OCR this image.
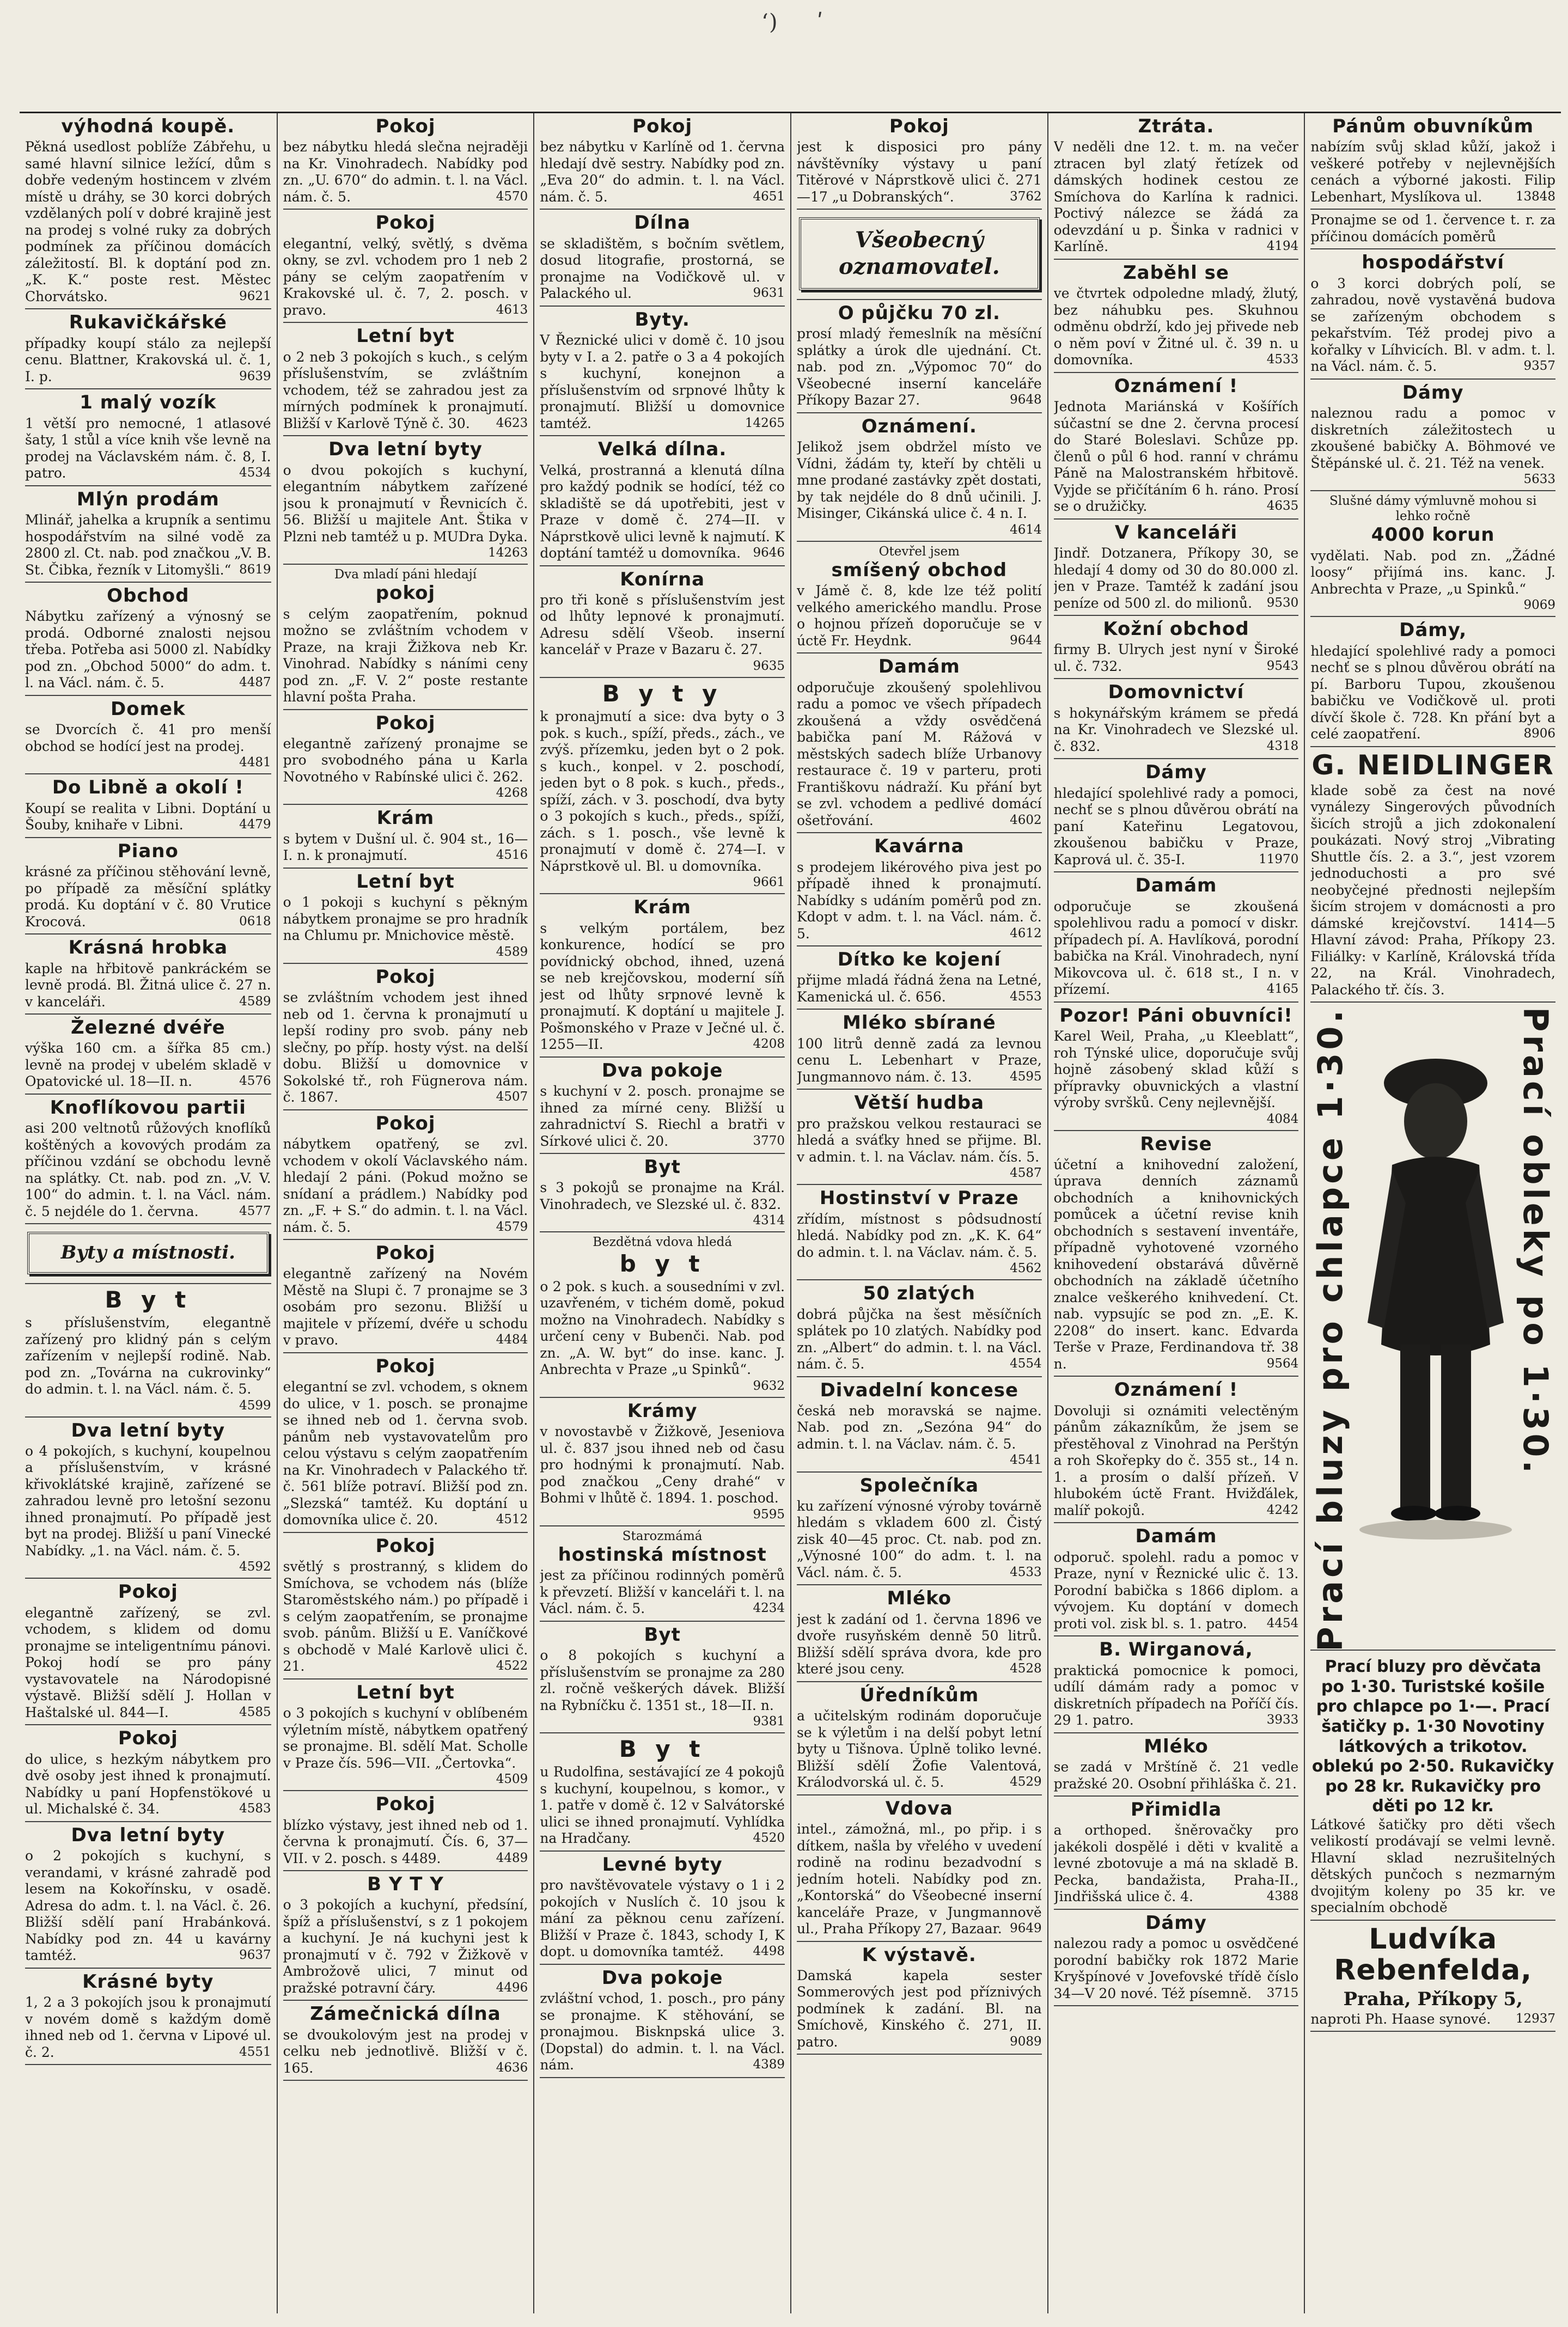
ʻ ) ʹ
výhodná koupě.
Pěkná usedlost poblíže Zábřehu, u samé hlavní silnice ležící, dům s dobře vedeným hostincem v zlvém místě u dráhy, se 30 korci dobrých vzdělaných polí v dobré krajině jest na prodej s volné ruky za dobrých podmínek za příčinou domácích záležitostí. Bl. k doptání pod zn. „K. K.“ poste rest. Městec Chorvátsko.	9621
Rukavičkářské
případky koupí stálo za nejlepší cenu. Blattner, Krakovská ul. č. 1, I. p.	9639
1 malý vozík
1 větší pro nemocné, 1 atlasové šaty, 1 stůl a více knih vše levně na prodej na Václavském nám. č. 8, I. patro.	4534
Mlýn prodám
Mlinář, jahelka a krupník a sentimu hospodářstvím na silné vodě za 2800 zl. Ct. nab. pod značkou „V. B. St. Čibka, řezník v Litomyšli.“ 8619
Obchod
Nábytku zařízený a výnosný se prodá. Odborné znalosti nejsou třeba. Potřeba asi 5000 zl. Nabídky pod zn. „Obchod 5000“ do adm. t. l. na Václ. nám. č. 5.	4487
Domek
se Dvorcích č. 41 pro menší obchod se hodící jest na prodej.
4481
Do Libně a okolí !
Koupí se realita v Libni. Doptání u Šouby, knihaře v Libni.	4479
Piano
krásné za příčinou stěhování levně, po případě za měsíční splátky prodá. Ku doptání v č. 80 Vrutice Krocová.	0618
Krásná hrobka
kaple na hřbitově pankráckém se levně prodá. Bl. Žitná ulice č. 27 n. v kanceláři.	4589
Železné dvéře
výška 160 cm. a šířka 85 cm.) levně na prodej v ubelém skladě v Opatovické ul. 18—II. n.	4576
Knoflíkovou partii
asi 200 veltnotů růžových knoflíků koštěných a kovových prodám za příčinou vzdání se obchodu levně na splátky. Ct. nab. pod zn. „V. V. 100“ do admin. t. l. na Václ. nám. č. 5 nejdéle do 1. června.	4577
Byty a místnosti.
B y t
s příslušenstvím, elegantně zařízený pro klidný pán s celým zařízením v nejlepší rodině. Nab. pod zn. „Továrna na cukrovinky“ do admin. t. l. na Václ. nám. č. 5.
4599
Dva letní byty
o 4 pokojích, s kuchyní, koupelnou a příslušenstvím, v krásné křivoklátské krajině, zařízené se zahradou levně pro letošní sezonu ihned pronajmutí. Po případě jest byt na prodej. Bližší u paní Vinecké Nabídky. „1. na Václ. nám. č. 5.
4592
Pokoj
elegantně zařízený, se zvl. vchodem, s klidem od domu pronajme se inteligentnímu pánovi. Pokoj hodí se pro pány vystavovatele na Národopisné výstavě. Bližší sdělí J. Hollan v Haštalské ul. 844—I.	4585
Pokoj
do ulice, s hezkým nábytkem pro dvě osoby jest ihned k pronajmutí. Nabídky u paní Hopfenstökové u ul. Michalské č. 34.	4583
Dva letní byty
o 2 pokojích s kuchyní, s verandami, v krásné zahradě pod lesem na Kokořínsku, v osadě. Adresa do adm. t. l. na Václ. č. 26. Bližší sdělí paní Hrabánková. Nabídky pod zn. 44 u kavárny tamtéž.	9637
Krásné byty
1, 2 a 3 pokojích jsou k pronajmutí v novém domě s každým domě ihned neb od 1. června v Lipové ul. č. 2.	4551
Pokoj
bez nábytku hledá slečna nejraději na Kr. Vinohradech. Nabídky pod zn. „U. 670“ do admin. t. l. na Václ. nám. č. 5.	4570
Pokoj
elegantní, velký, světlý, s dvěma okny, se zvl. vchodem pro 1 neb 2 pány se celým zaopatřením v Krakovské ul. č. 7, 2. posch. v pravo.	4613
Letní byt
o 2 neb 3 pokojích s kuch., s celým příslušenstvím, se zvláštním vchodem, též se zahradou jest za mírných podmínek k pronajmutí. Bližší v Karlově Týně č. 30.	4623
Dva letní byty
o dvou pokojích s kuchyní, elegantním nábytkem zařízené jsou k pronajmutí v Řevnicích č. 56. Bližší u majitele Ant. Štika v Plzni neb tamtéž u p. MUDra Dyka.
14263
Dva mladí páni hledají
pokoj
s celým zaopatřením, poknud možno se zvláštním vchodem v Praze, na kraji Žižkova neb Kr. Vinohrad. Nabídky s náními ceny pod zn. „F. V. 2“ poste restante hlavní pošta Praha.
Pokoj
elegantně zařízený pronajme se pro svobodného pána u Karla Novotného v Rabínské ulici č. 262.
4268
Krám
s bytem v Dušní ul. č. 904 st., 16—I. n. k pronajmutí.	4516
Letní byt
o 1 pokoji s kuchyní s pěkným nábytkem pronajme se pro hradník na Chlumu pr. Mnichovice městě.
4589
Pokoj
se zvláštním vchodem jest ihned neb od 1. června k pronajmutí u lepší rodiny pro svob. pány neb slečny, po příp. hosty výst. na delší dobu. Bližší u domovnice v Sokolské tř., roh Fügnerova nám. č. 1867.	4507
Pokoj
nábytkem opatřený, se zvl. vchodem v okolí Václavského nám. hledají 2 páni. (Pokud možno se snídaní a prádlem.) Nabídky pod zn. „F. + S.“ do admin. t. l. na Václ. nám. č. 5.	4579
Pokoj
elegantně zařízený na Novém Městě na Slupi č. 7 pronajme se 3 osobám pro sezonu. Bližší u majitele v přízemí, dvéře u schodu v pravo.	4484
Pokoj
elegantní se zvl. vchodem, s oknem do ulice, v 1. posch. se pronajme se ihned neb od 1. června svob. pánům neb vystavovatelům pro celou výstavu s celým zaopatřením na Kr. Vinohradech v Palackého tř. č. 561 blíže potraví. Bližší pod zn. „Slezská“ tamtéž. Ku doptání u domovníka ulice č. 20.	4512
Pokoj
světlý s prostranný, s klidem do Smíchova, se vchodem nás (blíže Staroměstského nám.) po případě i s celým zaopatřením, se pronajme svob. pánům. Bližší u E. Vaníčkové s obchodě v Malé Karlově ulici č. 21.	4522
Letní byt
o 3 pokojích s kuchyní v oblíbeném výletním místě, nábytkem opatřený se pronajme. Bl. sdělí Mat. Scholle v Praze čís. 596—VII. „Čertovka“.
4509
Pokoj
blízko výstavy, jest ihned neb od 1. června k pronajmutí. Čís. 6, 37—VII. v 2. posch. s 4489.	4489
B Y T Y
o 3 pokojích a kuchyní, předsíní, špíž a příslušenství, s z 1 pokojem a kuchyní. Je ná kuchyni jest k pronajmutí v č. 792 v Žižkově v Ambrožově ulici, 7 minut od pražské potravní čáry.	4496
Zámečnická dílna
se dvoukolovým jest na prodej v celku neb jednotlivě. Bližší v č. 165.	4636
Pokoj
bez nábytku v Karlíně od 1. června hledají dvě sestry. Nabídky pod zn. „Eva 20“ do admin. t. l. na Václ. nám. č. 5.	4651
Dílna
se skladištěm, s bočním světlem, dosud litografie, prostorná, se pronajme na Vodičkově ul. v Palackého ul.	9631
Byty.
V Řeznické ulici v domě č. 10 jsou byty v I. a 2. patře o 3 a 4 pokojích s kuchyní, konejnon a příslušenstvím od srpnové lhůty k pronajmutí. Bližší u domovnice tamtéž.	14265
Velká dílna.
Velká, prostranná a klenutá dílna pro každý podnik se hodící, též co skladiště se dá upotřebiti, jest v Praze v domě č. 274—II. v Náprstkově ulici levně k najmutí. K doptání tamtéž u domovníka. 9646
Konírna
pro tři koně s příslušenstvím jest od lhůty lepnové k pronajmutí. Adresu sdělí Všeob. inserní kancelář v Praze v Bazaru č. 27.
9635
B y t y
k pronajmutí a sice: dva byty o 3 pok. s kuch., spíží, předs., zách., ve zvýš. přízemku, jeden byt o 2 pok. s kuch., konpel. v 2. poschodí, jeden byt o 8 pok. s kuch., předs., spíží, zách. v 3. poschodí, dva byty o 3 pokojích s kuch., předs., spíží, zách. s 1. posch., vše levně k pronajmutí v domě č. 274—I. v Náprstkově ul. Bl. u domovníka.
9661
Krám
s velkým portálem, bez konkurence, hodící se pro povídnický obchod, ihned, uzená se neb krejčovskou, moderní síň jest od lhůty srpnové levně k pronajmutí. K doptání u majitele J. Pošmonského v Praze v Ječné ul. č. 1255—II.	4208
Dva pokoje
s kuchyní v 2. posch. pronajme se ihned za mírné ceny. Bližší u zahradnictví S. Riechl a bratři v Sírkové ulici č. 20.	3770
Byt
s 3 pokojů se pronajme na Král. Vinohradech, ve Slezské ul. č. 832.
4314
Bezdětná vdova hledá
b y t
o 2 pok. s kuch. a sousedními v zvl. uzavřeném, v tichém domě, pokud možno na Vinohradech. Nabídky s určení ceny v Bubenči. Nab. pod zn. „A. W. byt“ do inse. kanc. J. Anbrechta v Praze „u Spinků“.
9632
Krámy
v novostavbě v Žižkově, Jeseniova ul. č. 837 jsou ihned neb od času pro hodnými k pronajmutí. Nab. pod značkou „Ceny drahé“ v Bohmi v lhůtě č. 1894. 1. poschod.
9595
Starozmámá
hostinská místnost
jest za příčinou rodinných poměrů k převzetí. Bližší v kanceláři t. l. na Václ. nám. č. 5.	4234
Byt
o 8 pokojích s kuchyní a příslušenstvím se pronajme za 280 zl. ročně veškerých dávek. Bližší na Rybníčku č. 1351 st., 18—II. n.
9381
B y t
u Rudolfina, sestávající ze 4 pokojů s kuchyní, koupelnou, s komor., v 1. patře v domě č. 12 v Salvátorské ulici se ihned pronajmutí. Vyhlídka na Hradčany.	4520
Levné byty
pro navštěvovatele výstavy o 1 i 2 pokojích v Nuslích č. 10 jsou k mání za pěknou cenu zařízení. Bližší v Praze č. 1843, schody I, K dopt. u domovníka tamtéž.	4498
Dva pokoje
zvláštní vchod, 1. posch., pro pány se pronajme. K stěhování, se pronajmou. Bisknpská ulice 3. (Dopstal) do admin. t. l. na Václ. nám.	4389
Pokoj
jest k disposici pro pány návštěvníky výstavy u paní Titěrové v Náprstkově ulici č. 271—17 „u Dobranských“.	3762
Všeobecný oznamovatel.
O půjčku 70 zl.
prosí mladý řemeslník na měsíční splátky a úrok dle ujednání. Ct. nab. pod zn. „Výpomoc 70“ do Všeobecné inserní kanceláře Příkopy Bazar 27.	9648
Oznámení.
Jelikož jsem obdržel místo ve Vídni, žádám ty, kteří by chtěli u mne prodané zastávky zpět dostati, by tak nejdéle do 8 dnů učinili. J. Misinger, Cikánská ulice č. 4 n. I.
4614
Otevřel jsem
smíšený obchod
v Jámě č. 8, kde lze též polití velkého amerického mandlu. Prose o hojnou přízeň doporučuje se v úctě Fr. Heydnk.	9644
Damám
odporučuje zkoušený spolehlivou radu a pomoc ve všech případech zkoušená a vždy osvědčená babička paní M. Rážová v městských sadech blíže Urbanovy restaurace č. 19 v parteru, proti Františkovu nádraží. Ku přání byt se zvl. vchodem a pedlivé domácí ošetřování.	4602
Kavárna
s prodejem likérového piva jest po případě ihned k pronajmutí. Nabídky s udáním poměrů pod zn. Kdopt v adm. t. l. na Václ. nám. č. 5.	4612
Dítko ke kojení
přijme mladá řádná žena na Letné, Kamenická ul. č. 656.	4553
Mléko sbírané
100 litrů denně zadá za levnou cenu L. Lebenhart v Praze, Jungmannovo nám. č. 13.	4595
Větší hudba
pro pražskou velkou restauraci se hledá a sváťky hned se přijme. Bl. v admin. t. l. na Václav. nám. čís. 5.
4587
Hostinství v Praze
zřídím, místnost s pôdsudností hledá. Nabídky pod zn. „K. K. 64“ do admin. t. l. na Václav. nám. č. 5.
4562
50 zlatých
dobrá půjčka na šest měsíčních splátek po 10 zlatých. Nabídky pod zn. „Albert“ do admin. t. l. na Václ. nám. č. 5.	4554
Divadelní koncese
česká neb moravská se najme. Nab. pod zn. „Sezóna 94“ do admin. t. l. na Václav. nám. č. 5.
4541
Společníka
ku zařízení výnosné výroby továrně hledám s vkladem 600 zl. Čistý zisk 40—45 proc. Ct. nab. pod zn. „Výnosné 100“ do adm. t. l. na Václ. nám. č. 5.	4533
Mléko
jest k zadání od 1. června 1896 ve dvoře rusyňském denně 50 litrů. Bližší sdělí správa dvora, kde pro které jsou ceny.	4528
Úředníkům
a učitelským rodinám doporučuje se k výletům i na delší pobyt letní byty u Tišnova. Úplně toliko levné. Bližší sdělí Žofie Valentová, Králodvorská ul. č. 5.	4529
Vdova
intel., zámožná, ml., po přip. i s dítkem, našla by vřelého v uvedení rodině na rodinu bezadvodní s jedním hoteli. Nabídky pod zn. „Kontorská“ do Všeobecné inserní kanceláře Praze, v Jungmannově ul., Praha Příkopy 27, Bazaar. 9649
K výstavě.
Damská kapela sester Sommerových jest pod příznivých podmínek k zadání. Bl. na Smíchově, Kinského č. 271, II. patro.	9089
Ztráta.
V neděli dne 12. t. m. na večer ztracen byl zlatý řetízek od dámských hodinek cestou ze Smíchova do Karlína k radnici. Poctivý nálezce se žádá za odevzdání u p. Šinka v radnici v Karlíně.	4194
Zaběhl se
ve čtvrtek odpoledne mladý, žlutý, bez náhubku pes. Skuhnou odměnu obdrží, kdo jej přivede neb o něm poví v Žitné ul. č. 39 n. u domovníka.	4533
Oznámení !
Jednota Mariánská v Košířích súčastní se dne 2. června procesí do Staré Boleslavi. Schůze pp. členů o půl 6 hod. ranní v chrámu Páně na Malostranském hřbitově. Vyjde se přičítáním 6 h. ráno. Prosí se o družičky.	4635
V kanceláři
Jindř. Dotzanera, Příkopy 30, se hledají 4 domy od 30 do 80.000 zl. jen v Praze. Tamtéž k zadání jsou peníze od 500 zl. do milionů.	9530
Kožní obchod
firmy B. Ulrych jest nyní v Široké ul. č. 732.	9543
Domovnictví
s hokynářským krámem se předá na Kr. Vinohradech ve Slezské ul. č. 832.	4318
Dámy
hledající spolehlivé rady a pomoci, nechť se s plnou důvěrou obrátí na paní Kateřinu Legatovou, zkoušenou babičku v Praze, Kaprová ul. č. 35-I.	11970
Damám
odporučuje se zkoušená spolehlivou radu a pomocí v diskr. případech pí. A. Havlíková, porodní babička na Král. Vinohradech, nyní Mikovcova ul. č. 618 st., I n. v přízemí.	4165
Pozor! Páni obuvníci!
Karel Weil, Praha, „u Kleeblatt“, roh Týnské ulice, doporučuje svůj hojně zásobený sklad kůží s přípravky obuvnických a vlastní výroby svršků. Ceny nejlevnější.
4084
Revise
účetní a knihovední založení, úprava denních záznamů obchodních a knihovnických pomůcek a účetní revise knih obchodních s sestavení inventáře, případně vyhotovené vzorného knihovedení obstarává důvěrně obchodních na základě účetního znalce veškerého knihvedení. Ct. nab. vypsujíc se pod zn. „E. K. 2208“ do insert. kanc. Edvarda Terše v Praze, Ferdinandova tř. 38 n.	9564
Oznámení !
Dovoluji si oznámiti velectěným pánům zákazníkům, že jsem se přestěhoval z Vinohrad na Perštýn a roh Skořepky do č. 355 st., 14 n. 1. a prosím o další přízeň. V hlubokém úctě Frant. Hvižďálek, malíř pokojů.	4242
Damám
odporuč. spolehl. radu a pomoc v Praze, nyní v Řeznické ulic č. 13. Porodní babička s 1866 diplom. a vývojem. Ku doptání v domech proti vol. zisk bl. s. 1. patro.	4454
B. Wirganová,
praktická pomocnice k pomoci, udílí dámám rady a pomoc v diskretních případech na Poříčí čís. 29 1. patro.	3933
Mléko
se zadá v Mrštíně č. 21 vedle pražské 20. Osobní přihláška č. 21.
Přimidla
a orthoped. šněrovačky pro jakékoli dospělé i děti v kvalitě a levné zbotovuje a má na skladě B. Pecka, bandažista, Praha-II., Jindřišská ulice č. 4.	4388
Dámy
nalezou rady a pomoc u osvědčené porodní babičky rok 1872 Marie Kryšpínové v Jovefovské třídě číslo 34—V 20 nové. Též písemně.	3715
Pánům obuvníkům
nabízím svůj sklad kůží, jakož i veškeré potřeby v nejlevnějších cenách a výborné jakosti. Filip Lebenhart, Myslíkova ul.	13848
Pronajme se od 1. července t. r. za příčinou domácích poměrů
hospodářství
o 3 korci dobrých polí, se zahradou, nově vystavěná budova se zařízeným obchodem s pekařstvím. Též prodej pivo a kořalky v Líhvicích. Bl. v adm. t. l. na Václ. nám. č. 5.	9357
Dámy
naleznou radu a pomoc v diskretních záležitostech u zkoušené babičky A. Böhmové ve Štěpánské ul. č. 21. Též na venek.
5633
Slušné dámy výmluvně mohou si lehko ročně
4000 korun
vydělati. Nab. pod zn. „Žádné loosy“ přijímá ins. kanc. J. Anbrechta v Praze, „u Spinků.“
9069
Dámy,
hledající spolehlivé rady a pomoci nechť se s plnou důvěrou obrátí na pí. Barboru Tupou, zkoušenou babičku ve Vodičkově ul. proti dívčí škole č. 728. Kn přání byt a celé zaopatření.	8906
G. NEIDLINGER
klade sobě za čest na nové vynálezy Singerových původních šicích strojů a jich zdokonalení poukázati. Nový stroj „Vibrating Shuttle čís. 2. a 3.“, jest vzorem jednoduchosti a pro své neobyčejné přednosti nejlepším šicím strojem v domácnosti a pro dámské krejčovství. 1414—5 Hlavní závod: Praha, Příkopy 23. Filiálky: v Karlíně, Královská třída 22, na Král. Vinohradech, Palackého tř. čís. 3.
Prací bluzy pro chlapce 1·30.	Prací oblekу po 1·30.
Prací bluzy pro děvčata po 1·30. Turistské košile pro chlapce po 1·—. Prací šatičky p. 1·30 Novotiny látkových a trikotov. oblekú po 2·50. Rukavičky po 28 kr. Rukavičky pro děti po 12 kr.
Látkové šatičky pro děti všech velikostí prodávají se velmi levně. Hlavní sklad nezrušitelných dětských punčoch s nezmarným dvojitým koleny po 35 kr. ve specialním obchodě
Ludvíka Rebenfelda,
Praha, Příkopy 5,
12937
naproti Ph. Haase synové.
